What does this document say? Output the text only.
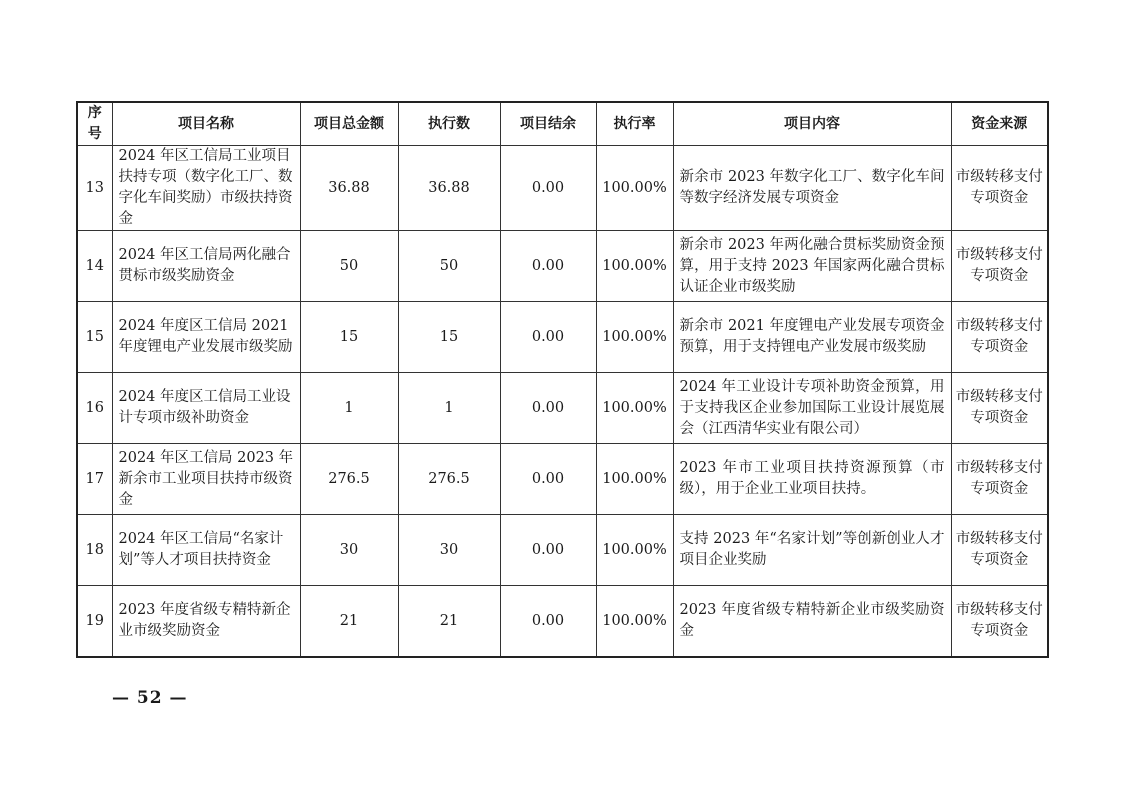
序号	项目名称	项目总金额	执行数	项目结余	执行率	项目内容	资金来源
13	2024 年区工信局工业项目扶持专项（数字化工厂、数字化车间奖励）市级扶持资金	36.88	36.88	0.00	100.00%	新余市 2023 年数字化工厂、数字化车间等数字经济发展专项资金	市级转移支付专项资金
14	2024 年区工信局两化融合贯标市级奖励资金	50	50	0.00	100.00%	新余市 2023 年两化融合贯标奖励资金预算，用于支持 2023 年国家两化融合贯标认证企业市级奖励	市级转移支付专项资金
15	2024 年度区工信局 2021 年度锂电产业发展市级奖励	15	15	0.00	100.00%	新余市 2021 年度锂电产业发展专项资金预算，用于支持锂电产业发展市级奖励	市级转移支付专项资金
16	2024 年度区工信局工业设计专项市级补助资金	1	1	0.00	100.00%	2024 年工业设计专项补助资金预算，用于支持我区企业参加国际工业设计展览展会（江西清华实业有限公司）	市级转移支付专项资金
17	2024 年区工信局 2023 年新余市工业项目扶持市级资金	276.5	276.5	0.00	100.00%	2023 年市工业项目扶持资源预算（市级），用于企业工业项目扶持。	市级转移支付专项资金
18	2024 年区工信局“名家计划”等人才项目扶持资金	30	30	0.00	100.00%	支持 2023 年“名家计划”等创新创业人才项目企业奖励	市级转移支付专项资金
19	2023 年度省级专精特新企业市级奖励资金	21	21	0.00	100.00%	2023 年度省级专精特新企业市级奖励资金	市级转移支付专项资金
— 52 —
